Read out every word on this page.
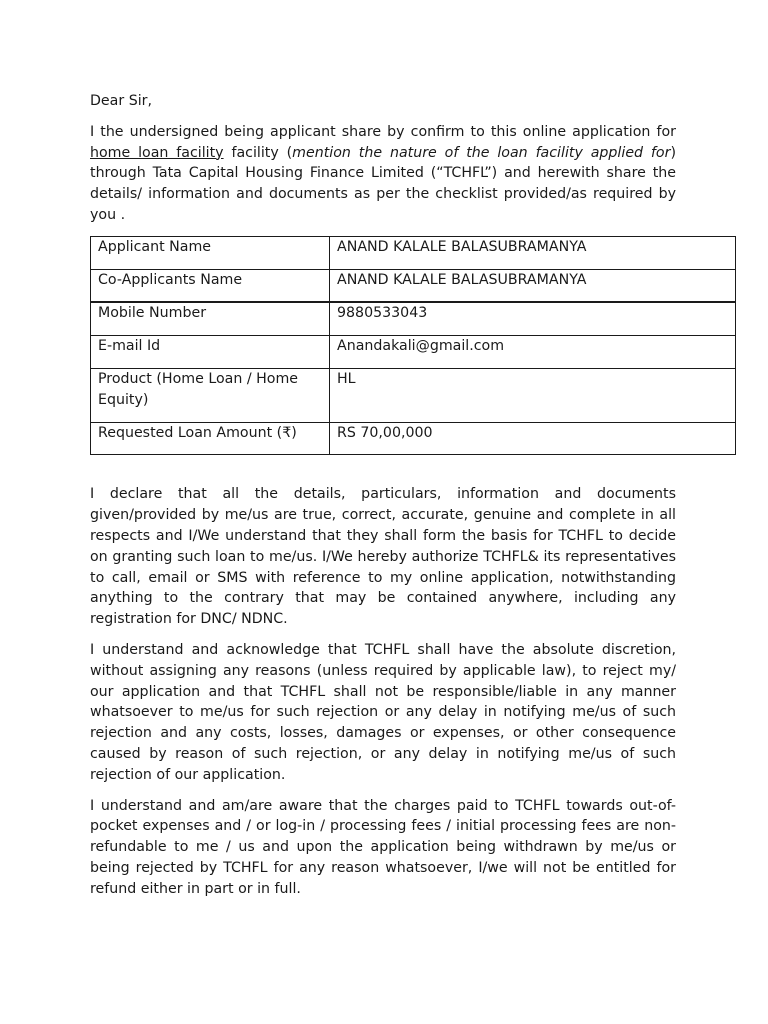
Dear Sir,

I the undersigned being applicant share by confirm to this online application for home loan facility facility (mention the nature of the loan facility applied for) through Tata Capital Housing Finance Limited (“TCHFL”) and herewith share the details/ information and documents as per the checklist provided/as required by you .

Applicant Name	ANAND KALALE BALASUBRAMANYA
Co-Applicants Name	ANAND KALALE BALASUBRAMANYA
Mobile Number	9880533043
E-mail Id	Anandakali@gmail.com
Product (Home Loan / Home Equity)	HL
Requested Loan Amount (₹)	RS 70,00,000

I declare that all the details, particulars, information and documents given/provided by me/us are true, correct, accurate, genuine and complete in all respects and I/We understand that they shall form the basis for TCHFL to decide on granting such loan to me/us. I/We hereby authorize TCHFL& its representatives to call, email or SMS with reference to my online application, notwithstanding anything to the contrary that may be contained anywhere, including any registration for DNC/ NDNC.

I understand and acknowledge that TCHFL shall have the absolute discretion, without assigning any reasons (unless required by applicable law), to reject my/ our application and that TCHFL shall not be responsible/liable in any manner whatsoever to me/us for such rejection or any delay in notifying me/us of such rejection and any costs, losses, damages or expenses, or other consequence caused by reason of such rejection, or any delay in notifying me/us of such rejection of our application.

I understand and am/are aware that the charges paid to TCHFL towards out-of-pocket expenses and / or log-in / processing fees / initial processing fees are non-refundable to me / us and upon the application being withdrawn by me/us or being rejected by TCHFL for any reason whatsoever, I/we will not be entitled for refund either in part or in full.
